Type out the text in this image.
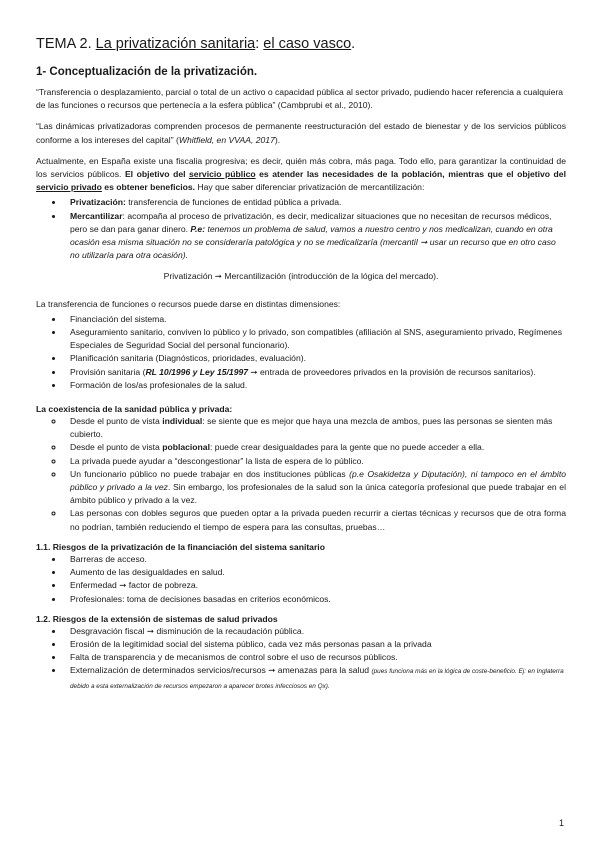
TEMA 2. La privatización sanitaria: el caso vasco.
1- Conceptualización de la privatización.

“Transferencia o desplazamiento, parcial o total de un activo o capacidad pública al sector privado, pudiendo hacer referencia a cualquiera de las funciones o recursos que pertenecía a la esfera pública” (Cambprubi et al., 2010).

“Las dinámicas privatizadoras comprenden procesos de permanente reestructuración del estado de bienestar y de los servicios públicos conforme a los intereses del capital” (Whitfield, en VVAA, 2017).

Actualmente, en España existe una fiscalia progresiva; es decir, quién más cobra, más paga. Todo ello, para garantizar la continuidad de los servicios públicos. El objetivo del servicio público es atender las necesidades de la población, mientras que el objetivo del servicio privado es obtener beneficios. Hay que saber diferenciar privatización de mercantilización:

• Privatización: transferencia de funciones de entidad pública a privada.
• Mercantilizar: acompaña al proceso de privatización, es decir, medicalizar situaciones que no necesitan de recursos médicos, pero se dan para ganar dinero. P.e: tenemos un problema de salud, vamos a nuestro centro y nos medicalizan, cuando en otra ocasión esa misma situación no se consideraría patológica y no se medicalizaría (mercantil ➞ usar un recurso que en otro caso no utilizaría para otra ocasión).

Privatización ➞ Mercantilización (introducción de la lógica del mercado).

La transferencia de funciones o recursos puede darse en distintas dimensiones:

• Financiación del sistema.
• Aseguramiento sanitario, conviven lo público y lo privado, son compatibles (afiliación al SNS, aseguramiento privado, Regímenes Especiales de Seguridad Social del personal funcionario).
• Planificación sanitaria (Diagnósticos, prioridades, evaluación).
• Provisión sanitaria (RL 10/1996 y Ley 15/1997 ➞ entrada de proveedores privados en la provisión de recursos sanitarios).
• Formación de los/as profesionales de la salud.
La coexistencia de la sanidad pública y privada:
◦ Desde el punto de vista individual: se siente que es mejor que haya una mezcla de ambos, pues las personas se sienten más cubierto.
◦ Desde el punto de vista poblacional: puede crear desigualdades para la gente que no puede acceder a ella.
◦ La privada puede ayudar a “descongestionar” la lista de espera de lo público.
◦ Un funcionario público no puede trabajar en dos instituciones públicas (p.e Osakidetza y Diputación), ni tampoco en el ámbito público y privado a la vez. Sin embargo, los profesionales de la salud son la única categoría profesional que puede trabajar en el ámbito público y privado a la vez.
◦ Las personas con dobles seguros que pueden optar a la privada pueden recurrir a ciertas técnicas y recursos que de otra forma no podrían, también reduciendo el tiempo de espera para las consultas, pruebas…
1.1. Riesgos de la privatización de la financiación del sistema sanitario
• Barreras de acceso.
• Aumento de las desigualdades en salud.
• Enfermedad ➞ factor de pobreza.
• Profesionales: toma de decisiones basadas en criterios económicos.
1.2. Riesgos de la extensión de sistemas de salud privados
• Desgravación fiscal ➞ disminución de la recaudación pública.
• Erosión de la legitimidad social del sistema público, cada vez más personas pasan a la privada
• Falta de transparencia y de mecanismos de control sobre el uso de recursos públicos.
• Externalización de determinados servicios/recursos ➞ amenazas para la salud (pues funciona más en la lógica de coste-beneficio. Ej: en Inglaterra debido a esta externalización de recursos empezaron a aparecer brotes infecciosos en Qx).
1
